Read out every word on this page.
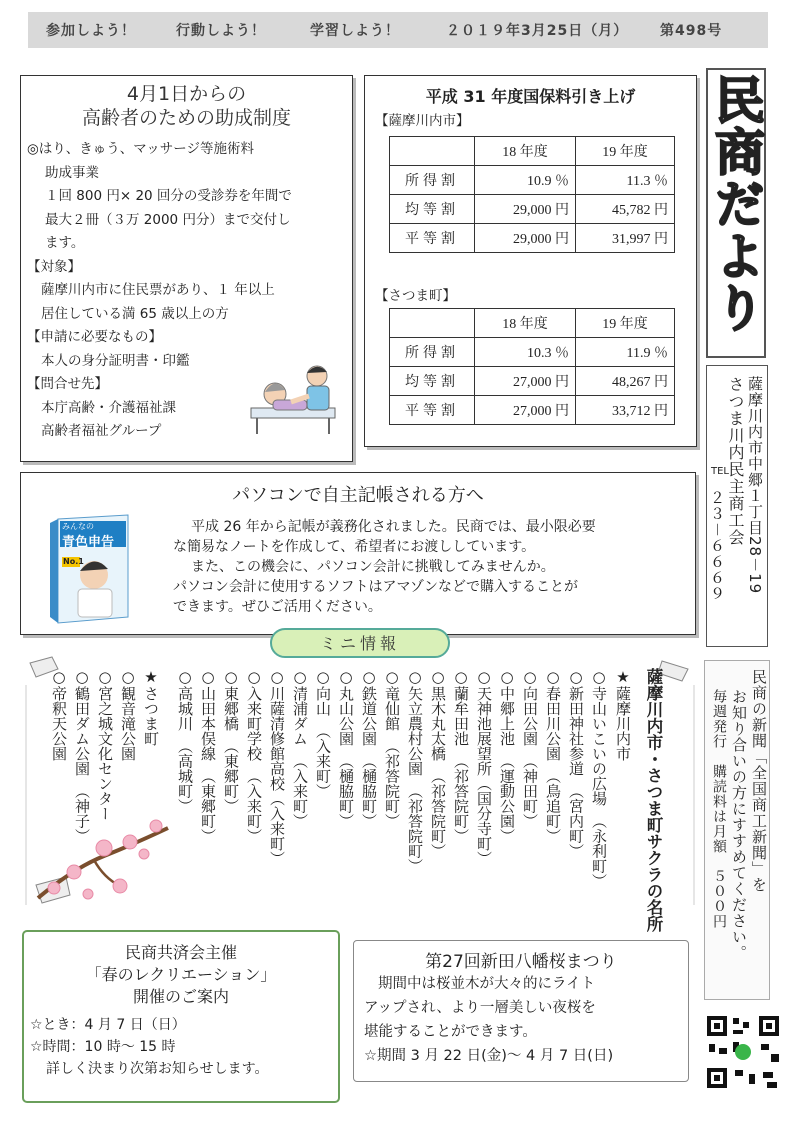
参加しよう！	行動しよう！	学習しよう！	２０１９年3月25日（月） 第498号
4月1日からの
高齢者のための助成制度
◎はり、きゅう、マッサージ等施術料
助成事業
１回 800 円× 20 回分の受診券を年間で
最大２冊（３万 2000 円分）まで交付し
ます。
【対象】
薩摩川内市に住民票があり、１ 年以上
居住している満 65 歳以上の方
【申請に必要なもの】
本人の身分証明書・印鑑
【問合せ先】
本庁高齢・介護福祉課
高齢者福祉グループ
平成 31 年度国保料引き上げ
【薩摩川内市】
	18 年度	19 年度
所得割	10.9 ％	11.3 ％
均等割	29,000 円	45,782 円
平等割	29,000 円	31,997 円
【さつま町】
	18 年度	19 年度
所得割	10.3 ％	11.9 ％
均等割	27,000 円	48,267 円
平等割	27,000 円	33,712 円
民商だより
薩摩川内市中郷１丁目28－19
さつま川内民主商工会
TEL
２３－６６６９
パソコンで自主記帳される方へ
平成 26 年から記帳が義務化されました。民商では、最小限必要
な簡易なノートを作成して、希望者にお渡ししています。
また、この機会に、パソコン会計に挑戦してみませんか。
パソコン会計に使用するソフトはアマゾンなどで購入することが
できます。ぜひご活用ください。
みんなの
青色申告
No.1
ミニ情報
薩摩川内市・さつま町サクラの名所
★薩摩川内市
○寺山いこいの広場　（永利町）
○新田神社参道　（宮内町）
○春田川公園　（鳥追町）
○向田公園　（神田町）
○中郷上池　（運動公園）
○天神池展望所（国分寺町）
○蘭牟田池　（祁答院町）
○黒木丸太橋　（祁答院町）
○矢立農村公園　（祁答院町）
○竜仙館　（祁答院町）
○鉄道公園　（樋脇町）
○丸山公園　（樋脇町）
○向山　（入来町）
○清浦ダム　（入来町）
○川薩清修館高校（入来町）
○入来町学校　（入来町）
○東郷橋　（東郷町）
○山田本俣線　（東郷町）
○高城川　（高城町）
★さつま町
○観音滝公園
○宮之城文化センター
○鶴田ダム公園　（神子）
○帝釈天公園	民商の新聞「全国商工新聞」を
お知り合いの方にすすめてください。
毎週発行　購読料は月額　５００円
民商共済会主催
「春のレクリエーション」
開催のご案内
☆とき：4 月 7 日（日）
☆時間：10 時～ 15 時
詳しく決まり次第お知らせします。
第27回新田八幡桜まつり
期間中は桜並木が大々的にライト
アップされ、より一層美しい夜桜を
堪能することができます。
☆期間 3 月 22 日(金)～ 4 月 7 日(日)
